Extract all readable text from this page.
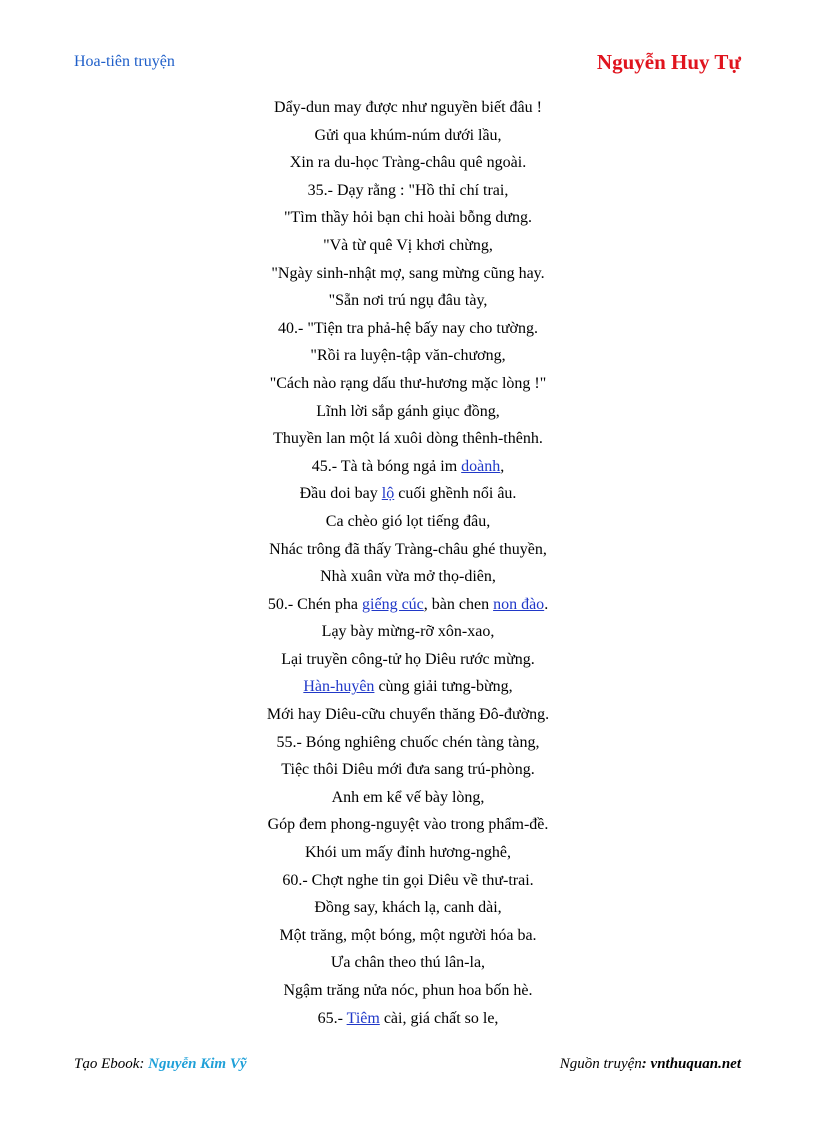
Hoa-tiên truyện	Nguyễn Huy Tự
Dẩy-dun may được như nguyền biết đâu !
Gửi qua khúm-núm dưới lầu,
Xin ra du-học Tràng-châu quê ngoài.
35.- Dạy rằng : "Hồ thỉ chí trai,
"Tìm thầy hỏi bạn chi hoài bỗng dưng.
"Và từ quê Vị khơi chừng,
"Ngày sinh-nhật mợ, sang mừng cũng hay.
"Sẵn nơi trú ngụ đâu tày,
40.- "Tiện tra phả-hệ bấy nay cho tường.
"Rồi ra luyện-tập văn-chương,
"Cách nào rạng dấu thư-hương mặc lòng !"
Lĩnh lời sắp gánh giục đồng,
Thuyền lan một lá xuôi dòng thênh-thênh.
45.- Tà tà bóng ngả im doành,
Đầu doi bay lộ cuối ghềnh nổi âu.
Ca chèo gió lọt tiếng đâu,
Nhác trông đã thấy Tràng-châu ghé thuyền,
Nhà xuân vừa mở thọ-diên,
50.- Chén pha giếng cúc, bàn chen non đào.
Lạy bày mừng-rỡ xôn-xao,
Lại truyền công-tử họ Diêu rước mừng.
Hàn-huyên cùng giải tưng-bừng,
Mới hay Diêu-cữu chuyển thăng Đô-đường.
55.- Bóng nghiêng chuốc chén tàng tàng,
Tiệc thôi Diêu mới đưa sang trú-phòng.
Anh em kể vế bày lòng,
Góp đem phong-nguyệt vào trong phẩm-đề.
Khói um mấy đỉnh hương-nghê,
60.- Chợt nghe tin gọi Diêu về thư-trai.
Đồng say, khách lạ, canh dài,
Một trăng, một bóng, một người hóa ba.
Ưa chân theo thú lân-la,
Ngậm trăng nửa nóc, phun hoa bốn hè.
65.- Tiêm cài, giá chất so le,
Tạo Ebook: Nguyễn Kim Vỹ	Nguồn truyện: vnthuquan.net
